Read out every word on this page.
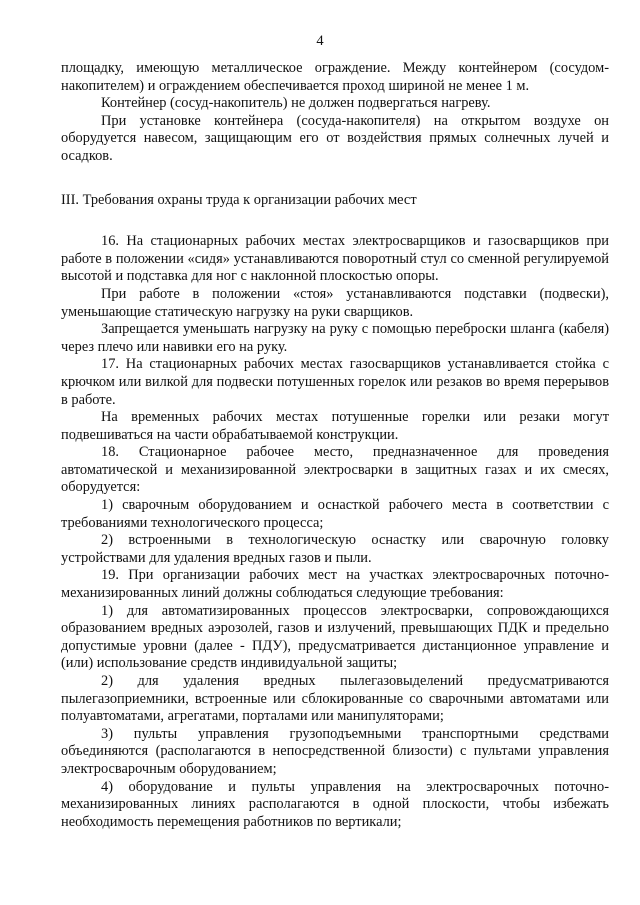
4

площадку, имеющую металлическое ограждение. Между контейнером (сосудом-накопителем) и ограждением обеспечивается проход шириной не менее 1 м.

Контейнер (сосуд-накопитель) не должен подвергаться нагреву.

При установке контейнера (сосуда-накопителя) на открытом воздухе он оборудуется навесом, защищающим его от воздействия прямых солнечных лучей и осадков.

III. Требования охраны труда к организации рабочих мест

16. На стационарных рабочих местах электросварщиков и газосварщиков при работе в положении «сидя» устанавливаются поворотный стул со сменной регулируемой высотой и подставка для ног с наклонной плоскостью опоры.

При работе в положении «стоя» устанавливаются подставки (подвески), уменьшающие статическую нагрузку на руки сварщиков.

Запрещается уменьшать нагрузку на руку с помощью переброски шланга (кабеля) через плечо или навивки его на руку.

17. На стационарных рабочих местах газосварщиков устанавливается стойка с крючком или вилкой для подвески потушенных горелок или резаков во время перерывов в работе.

На временных рабочих местах потушенные горелки или резаки могут подвешиваться на части обрабатываемой конструкции.

18. Стационарное рабочее место, предназначенное для проведения автоматической и механизированной электросварки в защитных газах и их смесях, оборудуется:

1) сварочным оборудованием и оснасткой рабочего места в соответствии с требованиями технологического процесса;

2) встроенными в технологическую оснастку или сварочную головку устройствами для удаления вредных газов и пыли.

19. При организации рабочих мест на участках электросварочных поточно-механизированных линий должны соблюдаться следующие требования:

1) для автоматизированных процессов электросварки, сопровождающихся образованием вредных аэрозолей, газов и излучений, превышающих ПДК и предельно допустимые уровни (далее - ПДУ), предусматривается дистанционное управление и (или) использование средств индивидуальной защиты;

2) для удаления вредных пылегазовыделений предусматриваются пылегазоприемники, встроенные или сблокированные со сварочными автоматами или полуавтоматами, агрегатами, порталами или манипуляторами;

3) пульты управления грузоподъемными транспортными средствами объединяются (располагаются в непосредственной близости) с пультами управления электросварочным оборудованием;

4) оборудование и пульты управления на электросварочных поточно-механизированных линиях располагаются в одной плоскости, чтобы избежать необходимость перемещения работников по вертикали;
